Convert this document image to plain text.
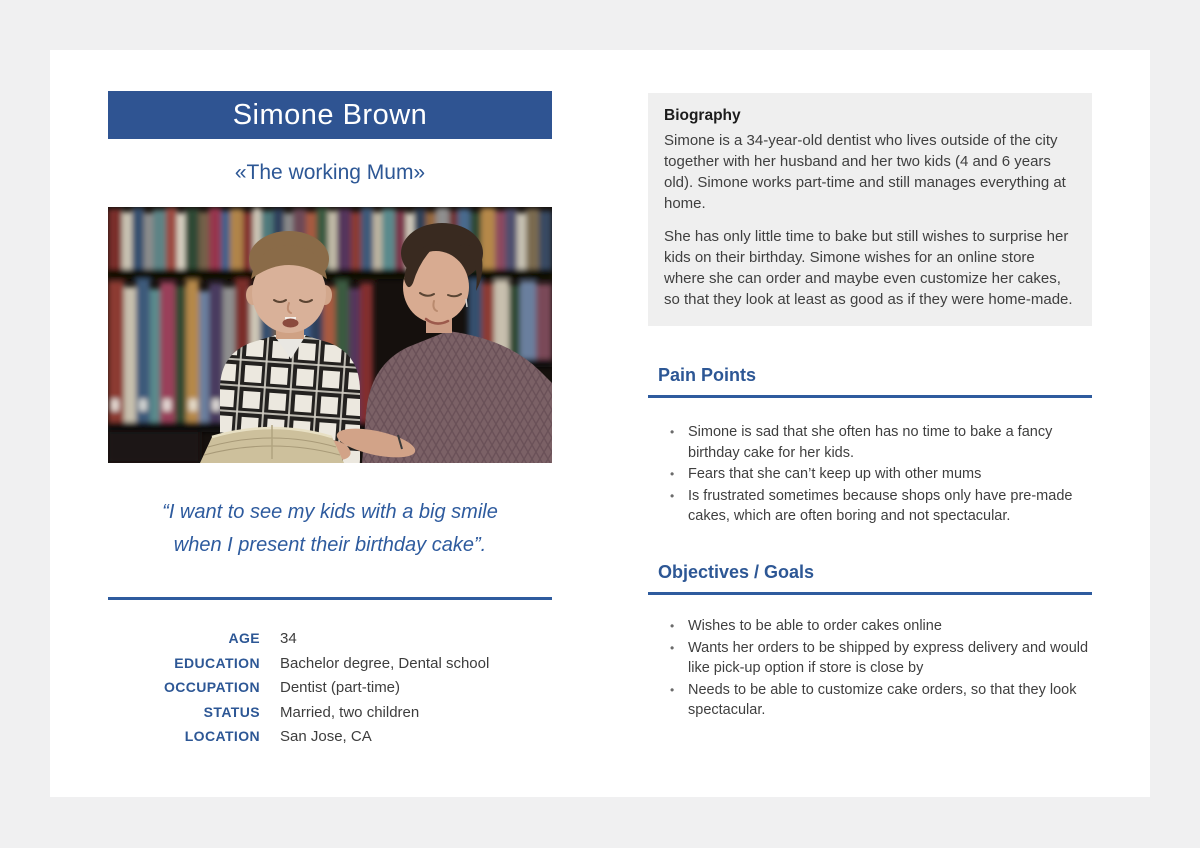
Simone Brown
«The working Mum»
“I want to see my kids with a big smile
when I present their birthday cake”.
AGE 34
EDUCATION Bachelor degree, Dental school
OCCUPATION Dentist (part-time)
STATUS Married, two children
LOCATION San Jose, CA
Biography

Simone is a 34-year-old dentist who lives outside of the city together with her husband and her two kids (4 and 6 years old). Simone works part-time and still manages everything at home.

She has only little time to bake but still wishes to surprise her kids on their birthday. Simone wishes for an online store where she can order and maybe even customize her cakes, so that they look at least as good as if they were home-made.

Pain Points
• Simone is sad that she often has no time to bake a fancy birthday cake for her kids.
• Fears that she can’t keep up with other mums
• Is frustrated sometimes because shops only have pre-made cakes, which are often boring and not spectacular.
Objectives / Goals
• Wishes to be able to order cakes online
• Wants her orders to be shipped by express delivery and would like pick-up option if store is close by
• Needs to be able to customize cake orders, so that they look spectacular.
